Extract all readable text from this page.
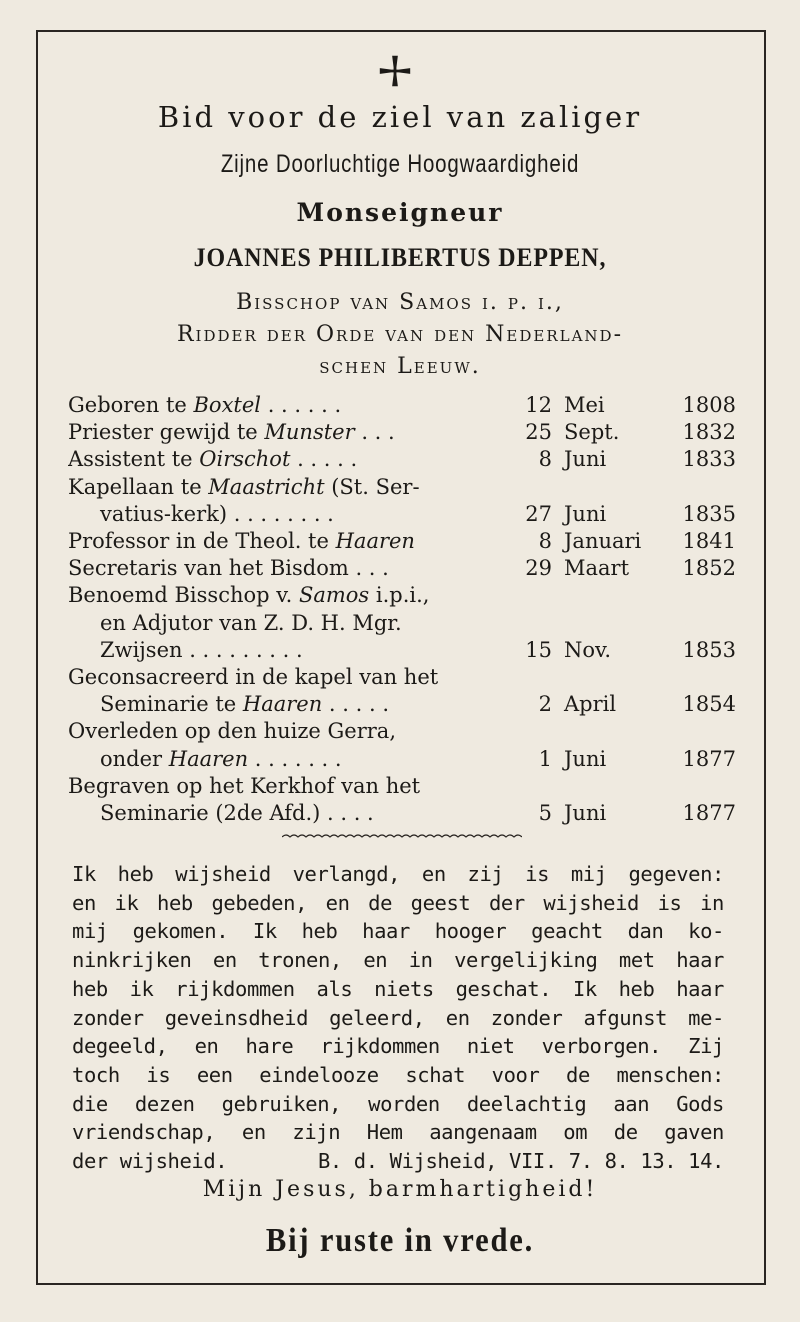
Bid voor de ziel van zaliger
Zijne Doorluchtige Hoogwaardigheid
Monseigneur
JOANNES PHILIBERTUS DEPPEN,
Bisschop van Samos i. p. i.,
Ridder der Orde van den Nederland-
schen Leeuw.
Geboren te Boxtel . . . . . .	12 Mei	1808
Priester gewijd te Munster . . .	25 Sept.	1832
Assistent te Oirschot . . . . .	8 Juni	1833
Kapellaan te Maastricht (St. Ser-
vatius-kerk) . . . . . . . .	27 Juni	1835
Professor in de Theol. te Haaren	8 Januari	1841
Secretaris van het Bisdom . . .	29 Maart	1852
Benoemd Bisschop v. Samos i.p.i.,
en Adjutor van Z. D. H. Mgr.
Zwijsen . . . . . . . . .	15 Nov.	1853
Geconsacreerd in de kapel van het
Seminarie te Haaren . . . . .	2 April	1854
Overleden op den huize Gerra,
onder Haaren . . . . . . .	1 Juni	1877
Begraven op het Kerkhof van het
Seminarie (2de Afd.) . . . .	5 Juni	1877
Ik heb wijsheid verlangd, en zij is mij gegeven:
en ik heb gebeden, en de geest der wijsheid is in
mij gekomen. Ik heb haar hooger geacht dan ko-
ninkrijken en tronen, en in vergelijking met haar
heb ik rijkdommen als niets geschat. Ik heb haar
zonder geveinsdheid geleerd, en zonder afgunst me-
degeeld, en hare rijkdommen niet verborgen. Zij
toch is een eindelooze schat voor de menschen:
die dezen gebruiken, worden deelachtig aan Gods
vriendschap, en zijn Hem aangenaam om de gaven
der wijsheid.	B. d. Wijsheid, VII. 7. 8. 13. 14.
Mijn Jesus, barmhartigheid!
Bij ruste in vrede.
